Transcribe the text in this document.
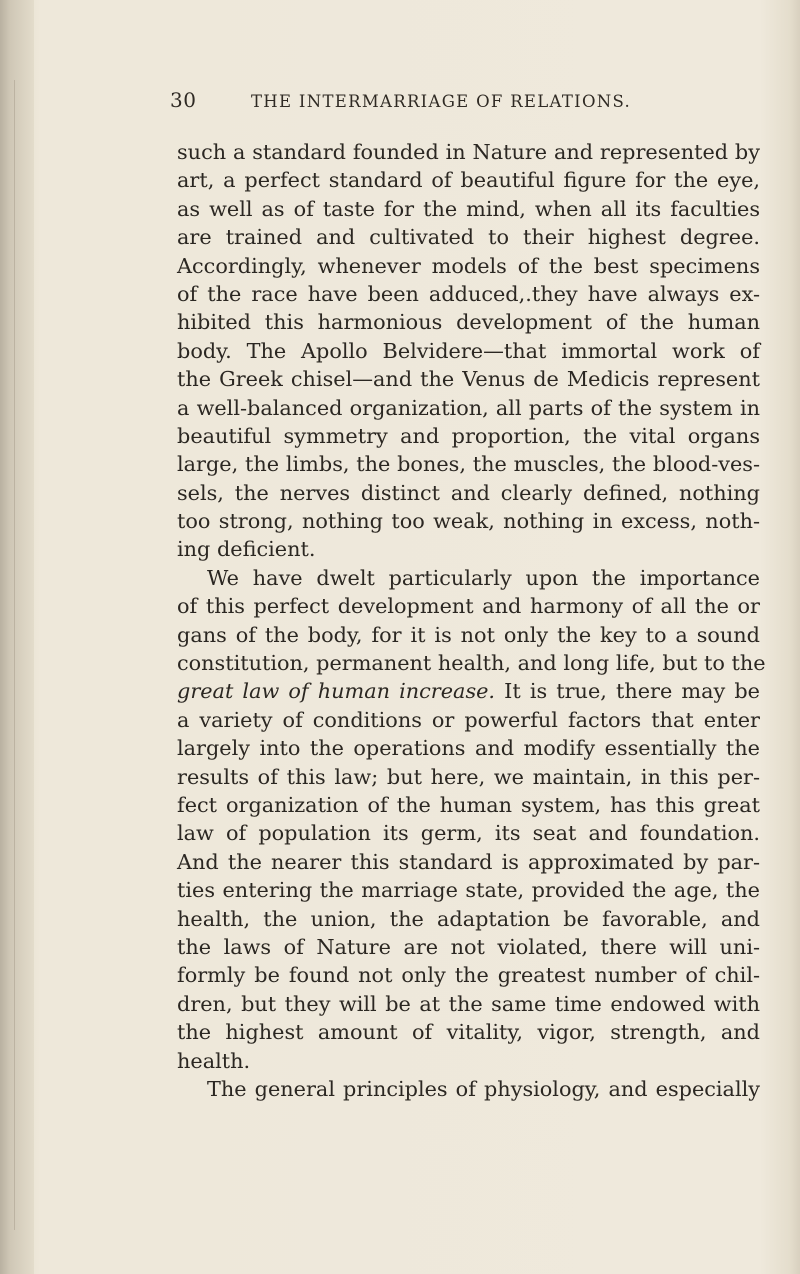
30	THE INTERMARRIAGE OF RELATIONS.
such a standard founded in Nature and represented by
art, a perfect standard of beautiful figure for the eye,
as well as of taste for the mind, when all its faculties
are trained and cultivated to their highest degree.
Accordingly, whenever models of the best specimens
of the race have been adduced,.they have always ex-
hibited this harmonious development of the human
body. The Apollo Belvidere—that immortal work of
the Greek chisel—and the Venus de Medicis represent
a well-balanced organization, all parts of the system in
beautiful symmetry and proportion, the vital organs
large, the limbs, the bones, the muscles, the blood-ves-
sels, the nerves distinct and clearly defined, nothing
too strong, nothing too weak, nothing in excess, noth-
ing deficient.
We have dwelt particularly upon the importance
of this perfect development and harmony of all the or
gans of the body, for it is not only the key to a sound
constitution, permanent health, and long life, but to the
great law of human increase. It is true, there may be
a variety of conditions or powerful factors that enter
largely into the operations and modify essentially the
results of this law; but here, we maintain, in this per-
fect organization of the human system, has this great
law of population its germ, its seat and foundation.
And the nearer this standard is approximated by par-
ties entering the marriage state, provided the age, the
health, the union, the adaptation be favorable, and
the laws of Nature are not violated, there will uni-
formly be found not only the greatest number of chil-
dren, but they will be at the same time endowed with
the highest amount of vitality, vigor, strength, and
health.
The general principles of physiology, and especially
